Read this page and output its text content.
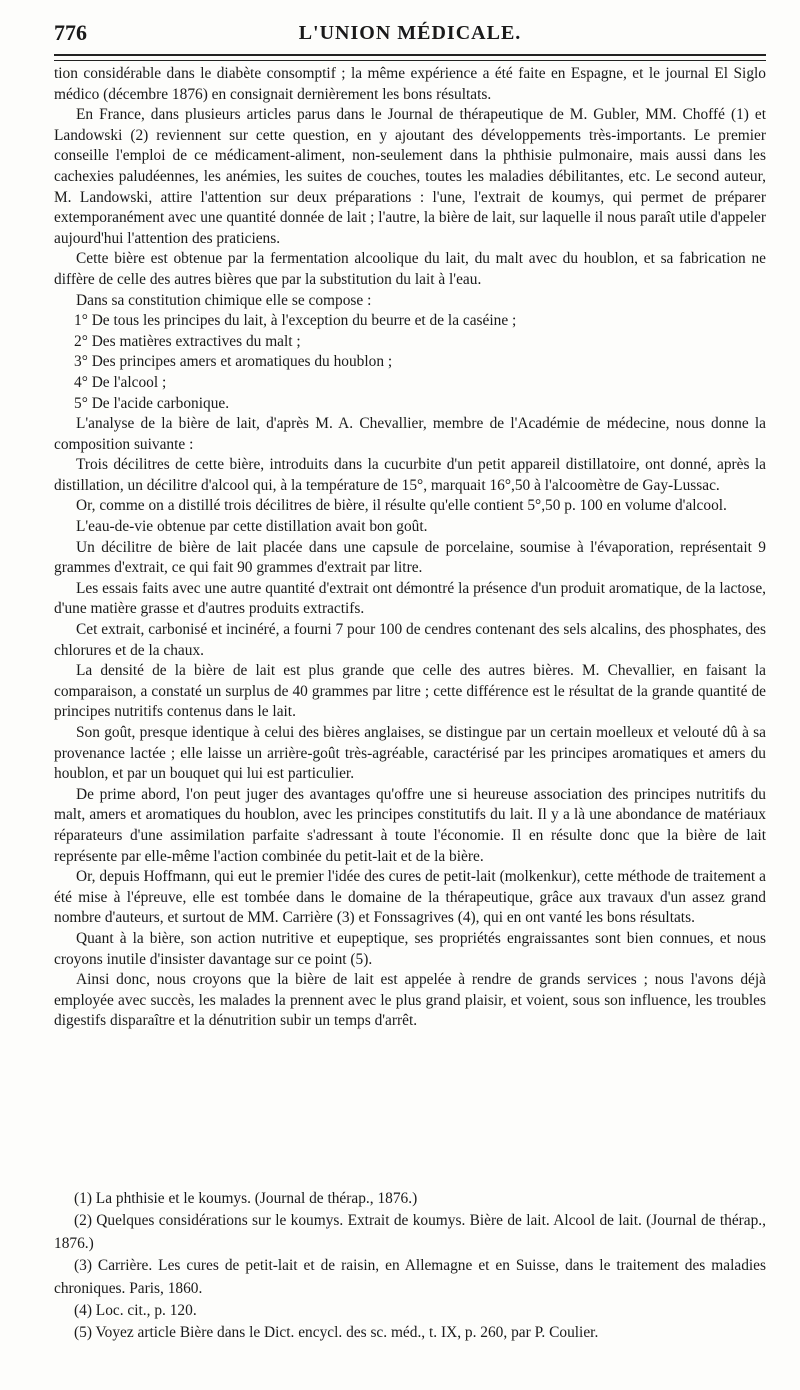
776	L'UNION MÉDICALE.

tion considérable dans le diabète consomptif ; la même expérience a été faite en Espagne, et le journal El Siglo médico (décembre 1876) en consignait dernièrement les bons résultats.

En France, dans plusieurs articles parus dans le Journal de thérapeutique de M. Gubler, MM. Choffé (1) et Landowski (2) reviennent sur cette question, en y ajoutant des développements très-importants. Le premier conseille l'emploi de ce médicament-aliment, non-seulement dans la phthisie pulmonaire, mais aussi dans les cachexies paludéennes, les anémies, les suites de couches, toutes les maladies débilitantes, etc. Le second auteur, M. Landowski, attire l'attention sur deux préparations : l'une, l'extrait de koumys, qui permet de préparer extemporanément avec une quantité donnée de lait ; l'autre, la bière de lait, sur laquelle il nous paraît utile d'appeler aujourd'hui l'attention des praticiens.

Cette bière est obtenue par la fermentation alcoolique du lait, du malt avec du houblon, et sa fabrication ne diffère de celle des autres bières que par la substitution du lait à l'eau.

Dans sa constitution chimique elle se compose :

1° De tous les principes du lait, à l'exception du beurre et de la caséine ;

2° Des matières extractives du malt ;

3° Des principes amers et aromatiques du houblon ;

4° De l'alcool ;

5° De l'acide carbonique.

L'analyse de la bière de lait, d'après M. A. Chevallier, membre de l'Académie de médecine, nous donne la composition suivante :

Trois décilitres de cette bière, introduits dans la cucurbite d'un petit appareil distillatoire, ont donné, après la distillation, un décilitre d'alcool qui, à la température de 15°, marquait 16°,50 à l'alcoomètre de Gay-Lussac.

Or, comme on a distillé trois décilitres de bière, il résulte qu'elle contient 5°,50 p. 100 en volume d'alcool.

L'eau-de-vie obtenue par cette distillation avait bon goût.

Un décilitre de bière de lait placée dans une capsule de porcelaine, soumise à l'évaporation, représentait 9 grammes d'extrait, ce qui fait 90 grammes d'extrait par litre.

Les essais faits avec une autre quantité d'extrait ont démontré la présence d'un produit aromatique, de la lactose, d'une matière grasse et d'autres produits extractifs.

Cet extrait, carbonisé et incinéré, a fourni 7 pour 100 de cendres contenant des sels alcalins, des phosphates, des chlorures et de la chaux.

La densité de la bière de lait est plus grande que celle des autres bières. M. Chevallier, en faisant la comparaison, a constaté un surplus de 40 grammes par litre ; cette différence est le résultat de la grande quantité de principes nutritifs contenus dans le lait.

Son goût, presque identique à celui des bières anglaises, se distingue par un certain moelleux et velouté dû à sa provenance lactée ; elle laisse un arrière-goût très-agréable, caractérisé par les principes aromatiques et amers du houblon, et par un bouquet qui lui est particulier.

De prime abord, l'on peut juger des avantages qu'offre une si heureuse association des principes nutritifs du malt, amers et aromatiques du houblon, avec les principes constitutifs du lait. Il y a là une abondance de matériaux réparateurs d'une assimilation parfaite s'adressant à toute l'économie. Il en résulte donc que la bière de lait représente par elle-même l'action combinée du petit-lait et de la bière.

Or, depuis Hoffmann, qui eut le premier l'idée des cures de petit-lait (molkenkur), cette méthode de traitement a été mise à l'épreuve, elle est tombée dans le domaine de la thérapeutique, grâce aux travaux d'un assez grand nombre d'auteurs, et surtout de MM. Carrière (3) et Fonssagrives (4), qui en ont vanté les bons résultats.

Quant à la bière, son action nutritive et eupeptique, ses propriétés engraissantes sont bien connues, et nous croyons inutile d'insister davantage sur ce point (5).

Ainsi donc, nous croyons que la bière de lait est appelée à rendre de grands services ; nous l'avons déjà employée avec succès, les malades la prennent avec le plus grand plaisir, et voient, sous son influence, les troubles digestifs disparaître et la dénutrition subir un temps d'arrêt.

(1) La phthisie et le koumys. (Journal de thérap., 1876.)

(2) Quelques considérations sur le koumys. Extrait de koumys. Bière de lait. Alcool de lait. (Journal de thérap., 1876.)

(3) Carrière. Les cures de petit-lait et de raisin, en Allemagne et en Suisse, dans le traitement des maladies chroniques. Paris, 1860.

(4) Loc. cit., p. 120.

(5) Voyez article Bière dans le Dict. encycl. des sc. méd., t. IX, p. 260, par P. Coulier.
